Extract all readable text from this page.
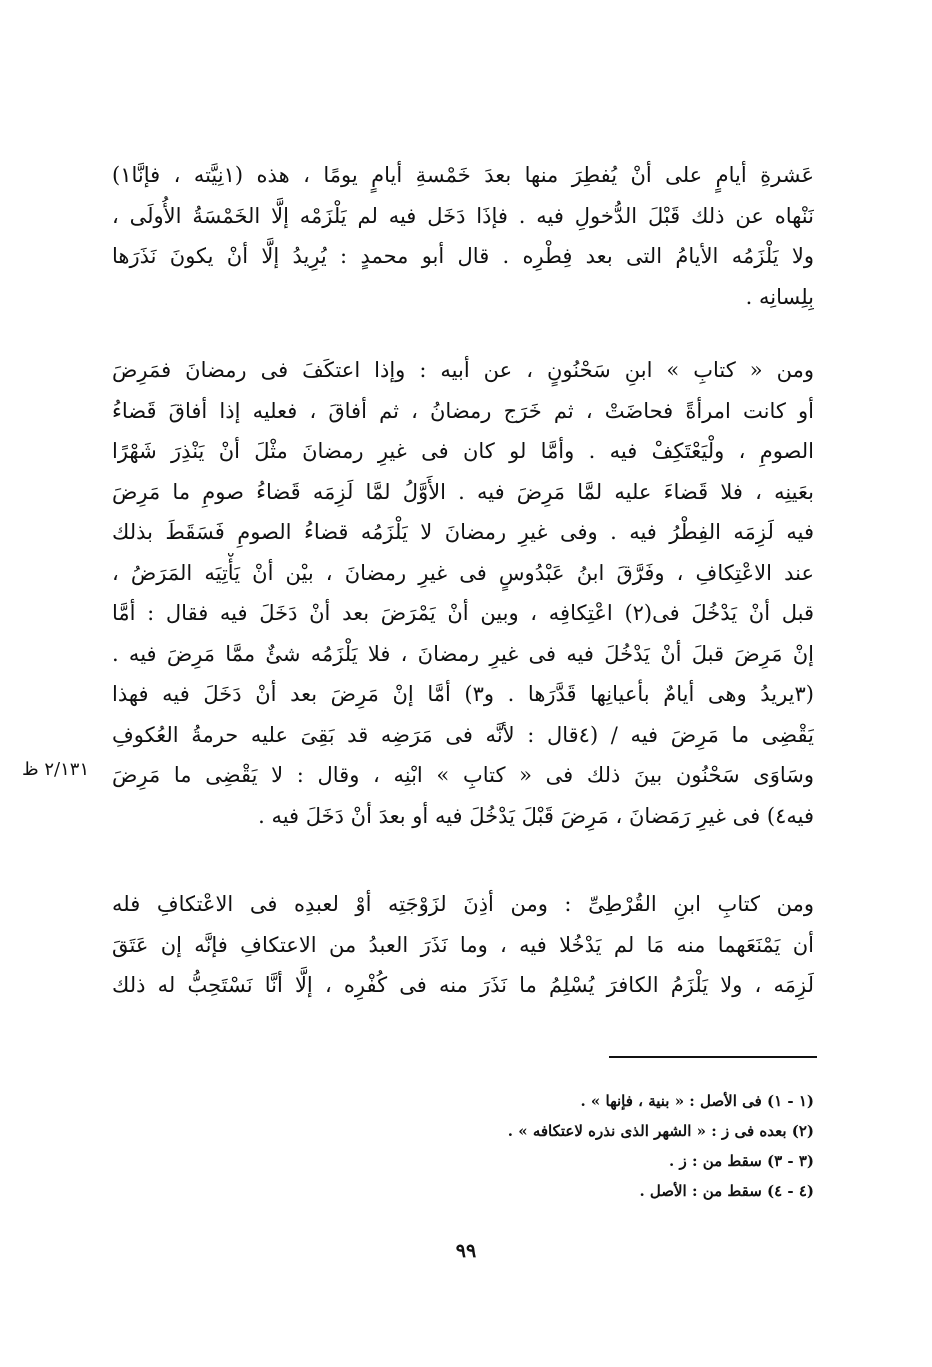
عَشرةِ أيامٍ على أنْ يُفطِرَ منها بعدَ خَمْسةِ أيامٍ يومًا ، هذه (١نِيَّته ، فإنَّا١)
نَنْهاه عن ذلك قَبْلَ الدُّخولِ فيه . فإذَا دَخَل فيه لم يَلْزَمْه إلَّا الخَمْسَةُ الأُولَى ،
ولا يَلْزَمُه الأيامُ التى بعد فِطْرِه . قال أبو محمدٍ : يُرِيدُ إلَّا أنْ يكونَ نَذَرَها
بِلِسانِه .
ومن « كتابِ » ابنِ سَحْنُونٍ ، عن أبيه : وإذا اعتكَفَ فى رمضانَ فمَرِضَ
أو كانت امرأةً فحاضَتْ ، ثم خَرَج رمضانُ ، ثم أفاقَ ، فعليه إذا أفاقَ قَضاءُ
الصومِ ، ولْيَعْتَكِفْ فيه . وأمَّا لو كان فى غيرِ رمضانَ مثْلَ أنْ يَنْذِرَ شَهْرًا
بعَينِه ، فلا قَضاءَ عليه لمَّا مَرِضَ فيه . الأَوَّلُ لمَّا لَزِمَه قَضاءُ صومِ ما مَرِضَ
فيه لَزِمَه الفِطْرُ فيه . وفى غيرِ رمضانَ لا يَلْزَمُه قضاءُ الصومِ فَسَقَطَ بذلك
عند الاعْتِكافِ ، وفَرَّقَ ابنُ عَبْدُوسٍ فى غيرِ رمضانَ ، بيْن أنْ يَأْتِيَه المَرَضُ ،
قبل أنْ يَدْخُلَ فى(٢) اعْتِكافِه ، وبين أنْ يَمْرَضَ بعد أنْ دَخَلَ فيه فقال : أمَّا
إنْ مَرِضَ قبلَ أنْ يَدْخُلَ فيه فى غيرِ رمضانَ ، فلا يَلْزَمُه شئٌ ممَّا مَرِضَ فيه .
(٣يريدُ وهى أيامٌ بأعيانِها قَدَّرَها . و٣) أمَّا إنْ مَرِضَ بعد أنْ دَخَلَ فيه فهذا
يَقْضِى ما مَرِضَ فيه / (٤قال : لأنَّه فى مَرَضِه قد بَقِىَ عليه حرمةُ العُكوفِ
وسَاوَى سَحْنُون بينَ ذلك فى « كتابِ » ابْنِه ، وقال : لا يَقْضِى ما مَرِضَ
فيه٤) فى غيرِ رَمَضانَ ، مَرِضَ قَبْلَ يَدْخُلَ فيه أو بعدَ أنْ دَخَلَ فيه .
ومن كتابِ ابنِ القُرْطِىِّ : ومن أذِنَ لزَوْجَتِه أوْ لعبدِه فى الاعْتكافِ فله
أن يَمْنَعَهما منه مَا لم يَدْخُلا فيه ، وما نَذَرَ العبدُ من الاعتكافِ فإنَّه إن عَتَقَ
لَزِمَه ، ولا يَلْزَمُ الكافرَ يُسْلِمُ ما نَذَرَ منه فى كُفْرِه ، إلَّا أنَّا نَسْتَحِبُّ له ذلك
٢/١٣١ ظ
(١ - ١) فى الأصل : « بنية ، فإنها » .
(٢) بعده فى ز : « الشهر الذى نذره لاعتكافه » .
(٣ - ٣) سقط من : ز .
(٤ - ٤) سقط من : الأصل .
٩٩
